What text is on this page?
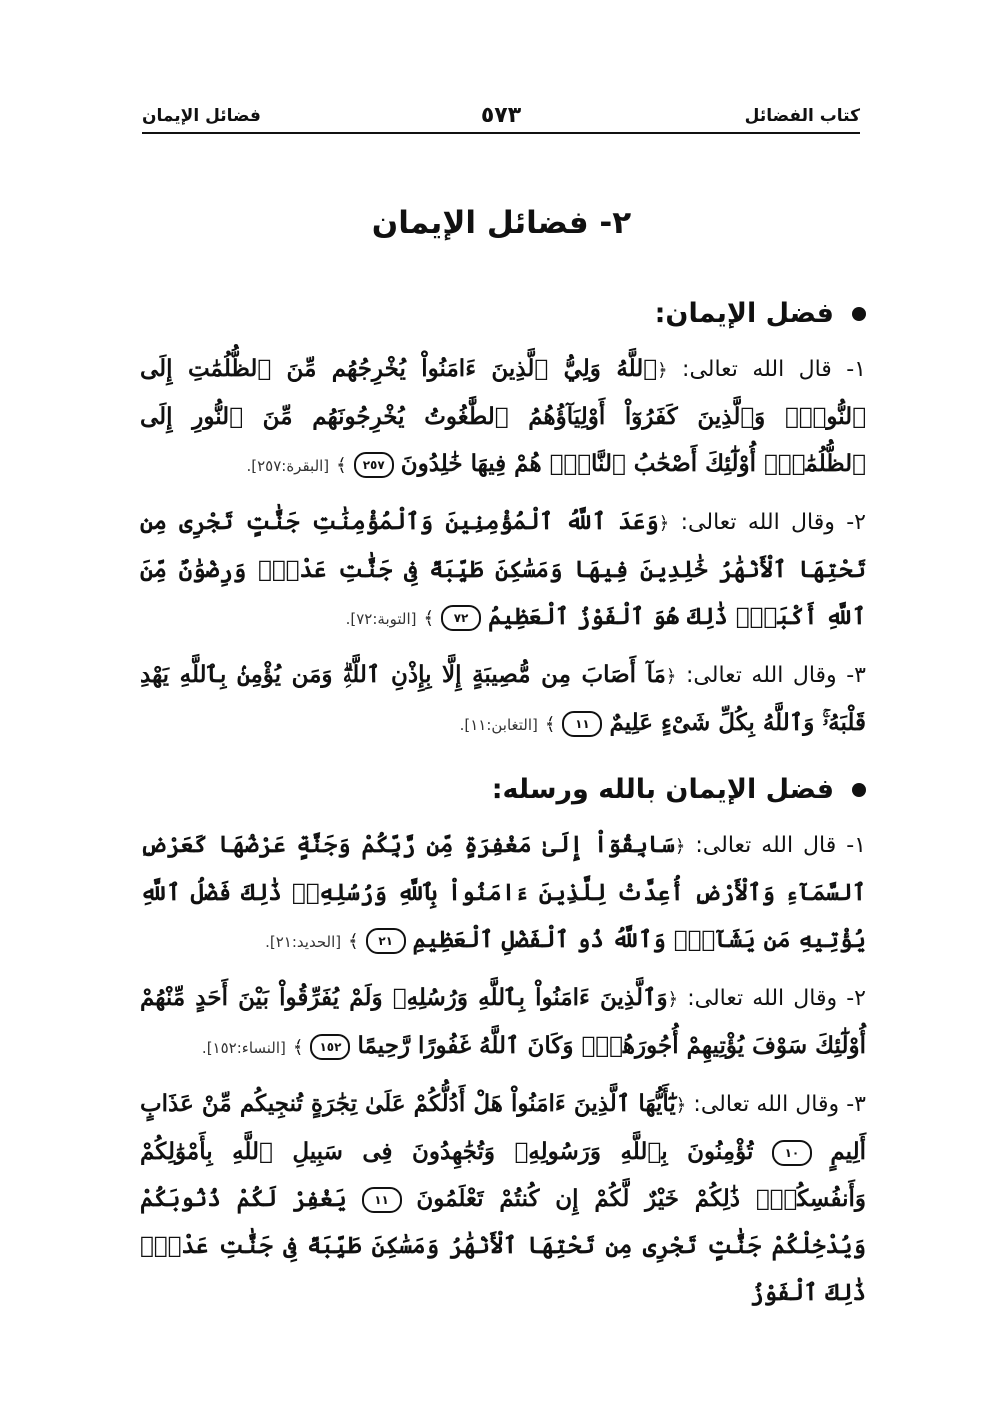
كتاب الفضائل
٥٧٣
فضائل الإيمان
٢- فضائل الإيمان
فضل الإيمان:

١- قال الله تعالى: ﴿ٱللَّهُ وَلِيُّ ٱلَّذِينَ ءَامَنُواْ يُخْرِجُهُم مِّنَ ٱلظُّلُمَٰتِ إِلَى ٱلنُّورِۖ وَٱلَّذِينَ كَفَرُوٓاْ أَوْلِيَآؤُهُمُ ٱلطَّٰغُوتُ يُخْرِجُونَهُم مِّنَ ٱلنُّورِ إِلَى ٱلظُّلُمَٰتِۗ أُوْلَٰٓئِكَ أَصْحَٰبُ ٱلنَّارِۖ هُمْ فِيهَا خَٰلِدُونَ ٢٥٧ ﴾ [البقرة:٢٥٧].

٢- وقال الله تعالى: ﴿وَعَدَ ٱللَّهُ ٱلْمُؤْمِنِينَ وَٱلْمُؤْمِنَٰتِ جَنَّٰتٍ تَجْرِى مِن تَحْتِهَا ٱلْأَنْهَٰرُ خَٰلِدِينَ فِيهَا وَمَسَٰكِنَ طَيِّبَةً فِى جَنَّٰتِ عَدْنٍۚ وَرِضْوَٰنٌ مِّنَ ٱللَّهِ أَكْبَرُۚ ذَٰلِكَ هُوَ ٱلْفَوْزُ ٱلْعَظِيمُ ٧٢ ﴾ [التوبة:٧٢].

٣- وقال الله تعالى: ﴿مَآ أَصَابَ مِن مُّصِيبَةٍ إِلَّا بِإِذْنِ ٱللَّهِۗ وَمَن يُؤْمِنۢ بِٱللَّهِ يَهْدِ قَلْبَهُۥۚ وَٱللَّهُ بِكُلِّ شَىْءٍ عَلِيمٌ ١١ ﴾ [التغابن:١١].

فضل الإيمان بالله ورسله:

١- قال الله تعالى: ﴿سَابِقُوٓاْ إِلَىٰ مَغْفِرَةٍ مِّن رَّبِّكُمْ وَجَنَّةٍ عَرْضُهَا كَعَرْضِ ٱلسَّمَآءِ وَٱلْأَرْضِ أُعِدَّتْ لِلَّذِينَ ءَامَنُواْ بِٱللَّهِ وَرُسُلِهِۦۚ ذَٰلِكَ فَضْلُ ٱللَّهِ يُؤْتِيهِ مَن يَشَآءُۚ وَٱللَّهُ ذُو ٱلْفَضْلِ ٱلْعَظِيمِ ٢١ ﴾ [الحديد:٢١].

٢- وقال الله تعالى: ﴿وَٱلَّذِينَ ءَامَنُواْ بِٱللَّهِ وَرُسُلِهِۦ وَلَمْ يُفَرِّقُواْ بَيْنَ أَحَدٍ مِّنْهُمْ أُوْلَٰٓئِكَ سَوْفَ يُؤْتِيهِمْ أُجُورَهُمْۗ وَكَانَ ٱللَّهُ غَفُورًا رَّحِيمًا ١٥٢ ﴾ [النساء:١٥٢].

٣- وقال الله تعالى: ﴿يَٰٓأَيُّهَا ٱلَّذِينَ ءَامَنُواْ هَلْ أَدُلُّكُمْ عَلَىٰ تِجَٰرَةٍ تُنجِيكُم مِّنْ عَذَابٍ أَلِيمٍ ١٠ تُؤْمِنُونَ بِٱللَّهِ وَرَسُولِهِۦ وَتُجَٰهِدُونَ فِى سَبِيلِ ٱللَّهِ بِأَمْوَٰلِكُمْ وَأَنفُسِكُمْۚ ذَٰلِكُمْ خَيْرٌ لَّكُمْ إِن كُنتُمْ تَعْلَمُونَ ١١ يَغْفِرْ لَكُمْ ذُنُوبَكُمْ وَيُدْخِلْكُمْ جَنَّٰتٍ تَجْرِى مِن تَحْتِهَا ٱلْأَنْهَٰرُ وَمَسَٰكِنَ طَيِّبَةً فِى جَنَّٰتِ عَدْنٍۚ ذَٰلِكَ ٱلْفَوْزُ
